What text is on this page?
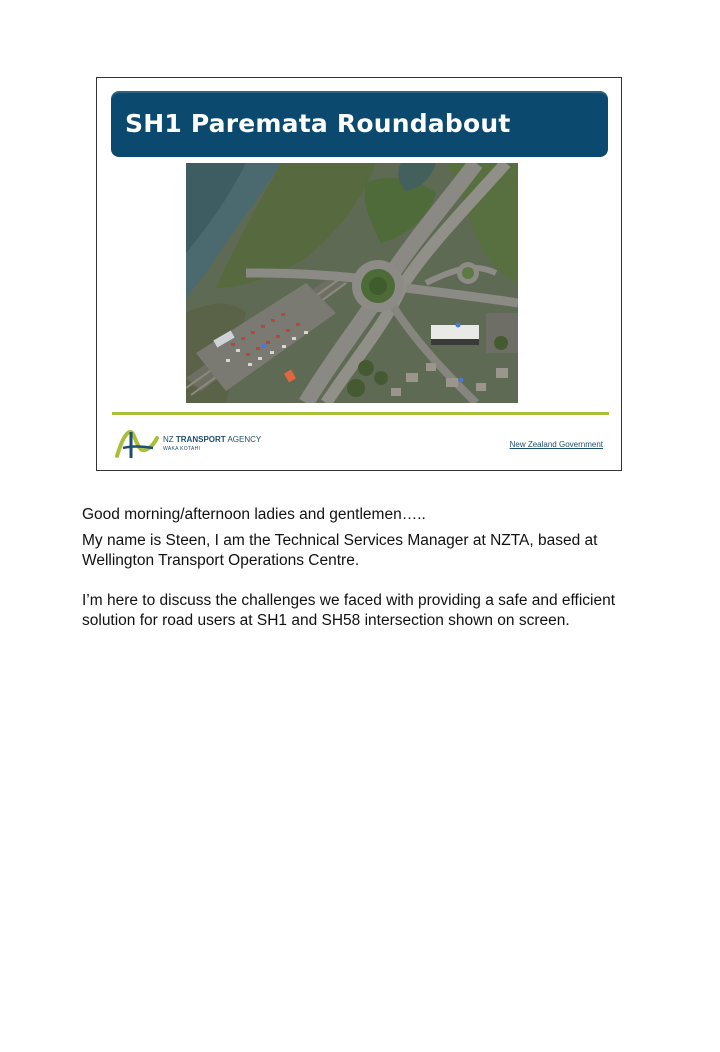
SH1 Paremata Roundabout
NZ TRANSPORT AGENCY
WAKA KOTAHI	New Zealand Government

Good morning/afternoon ladies and gentlemen…..

My name is Steen, I am the Technical Services Manager at NZTA, based at Wellington Transport Operations Centre.

I’m here to discuss the challenges we faced with providing a safe and efficient solution for road users at SH1 and SH58 intersection shown on screen.
